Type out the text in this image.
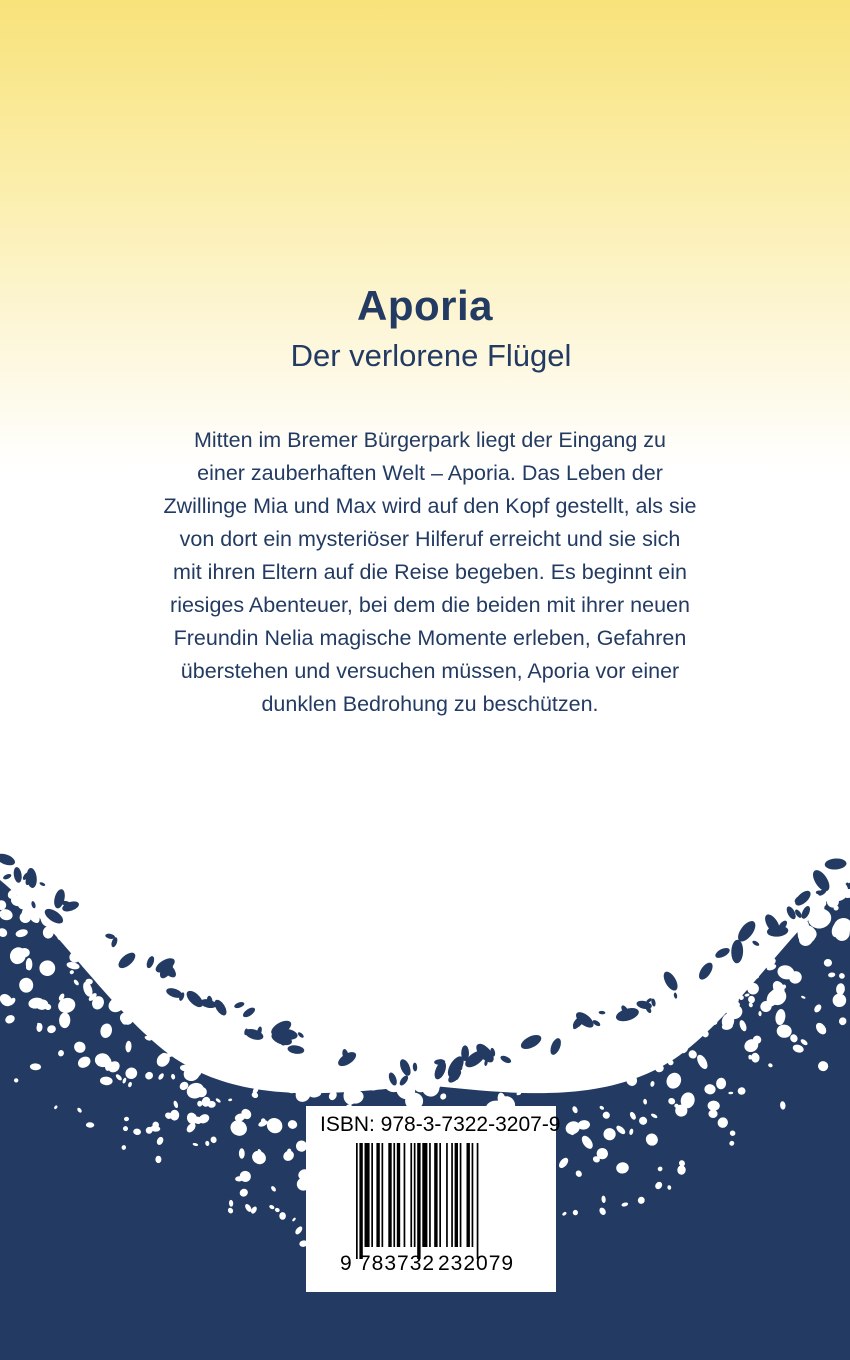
Aporia
Der verlorene Flügel
Mitten im Bremer Bürgerpark liegt der Eingang zu
einer zauberhaften Welt – Aporia. Das Leben der
Zwillinge Mia und Max wird auf den Kopf gestellt, als sie
von dort ein mysteriöser Hilferuf erreicht und sie sich
mit ihren Eltern auf die Reise begeben. Es beginnt ein
riesiges Abenteuer, bei dem die beiden mit ihrer neuen
Freundin Nelia magische Momente erleben, Gefahren
überstehen und versuchen müssen, Aporia vor einer
dunklen Bedrohung zu beschützen.
ISBN: 978-3-7322-3207-9
9 783732 232079
